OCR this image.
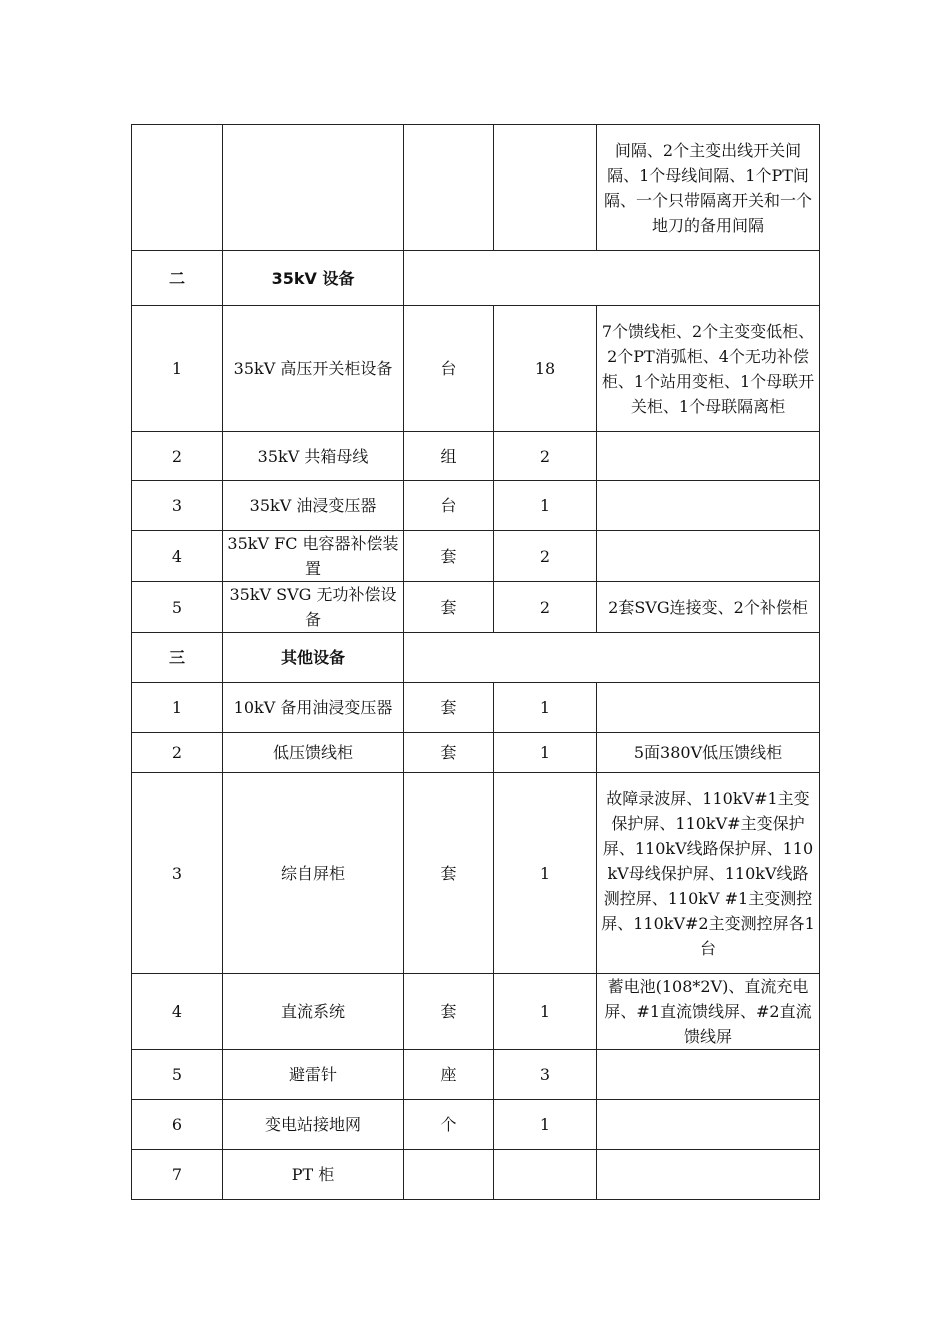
				间隔、2个主变出线开关间隔、1个母线间隔、1个PT间隔、一个只带隔离开关和一个地刀的备用间隔
二	35kV 设备			
1	35kV 高压开关柜设备	台	18	7个馈线柜、2个主变变低柜、2个PT消弧柜、4个无功补偿柜、1个站用变柜、1个母联开关柜、1个母联隔离柜
2	35kV 共箱母线	组	2	
3	35kV 油浸变压器	台	1	
4	35kV FC 电容器补偿装置	套	2	
5	35kV SVG 无功补偿设备	套	2	2套SVG连接变、2个补偿柜
三	其他设备			
1	10kV 备用油浸变压器	套	1	
2	低压馈线柜	套	1	5面380V低压馈线柜
3	综自屏柜	套	1	故障录波屏、110kV#1主变保护屏、110kV#主变保护屏、110kV线路保护屏、110kV母线保护屏、110kV线路测控屏、110kV #1主变测控屏、110kV#2主变测控屏各1台
4	直流系统	套	1	蓄电池(108*2V)、直流充电屏、#1直流馈线屏、#2直流馈线屏
5	避雷针	座	3	
6	变电站接地网	个	1	
7	PT 柜			
